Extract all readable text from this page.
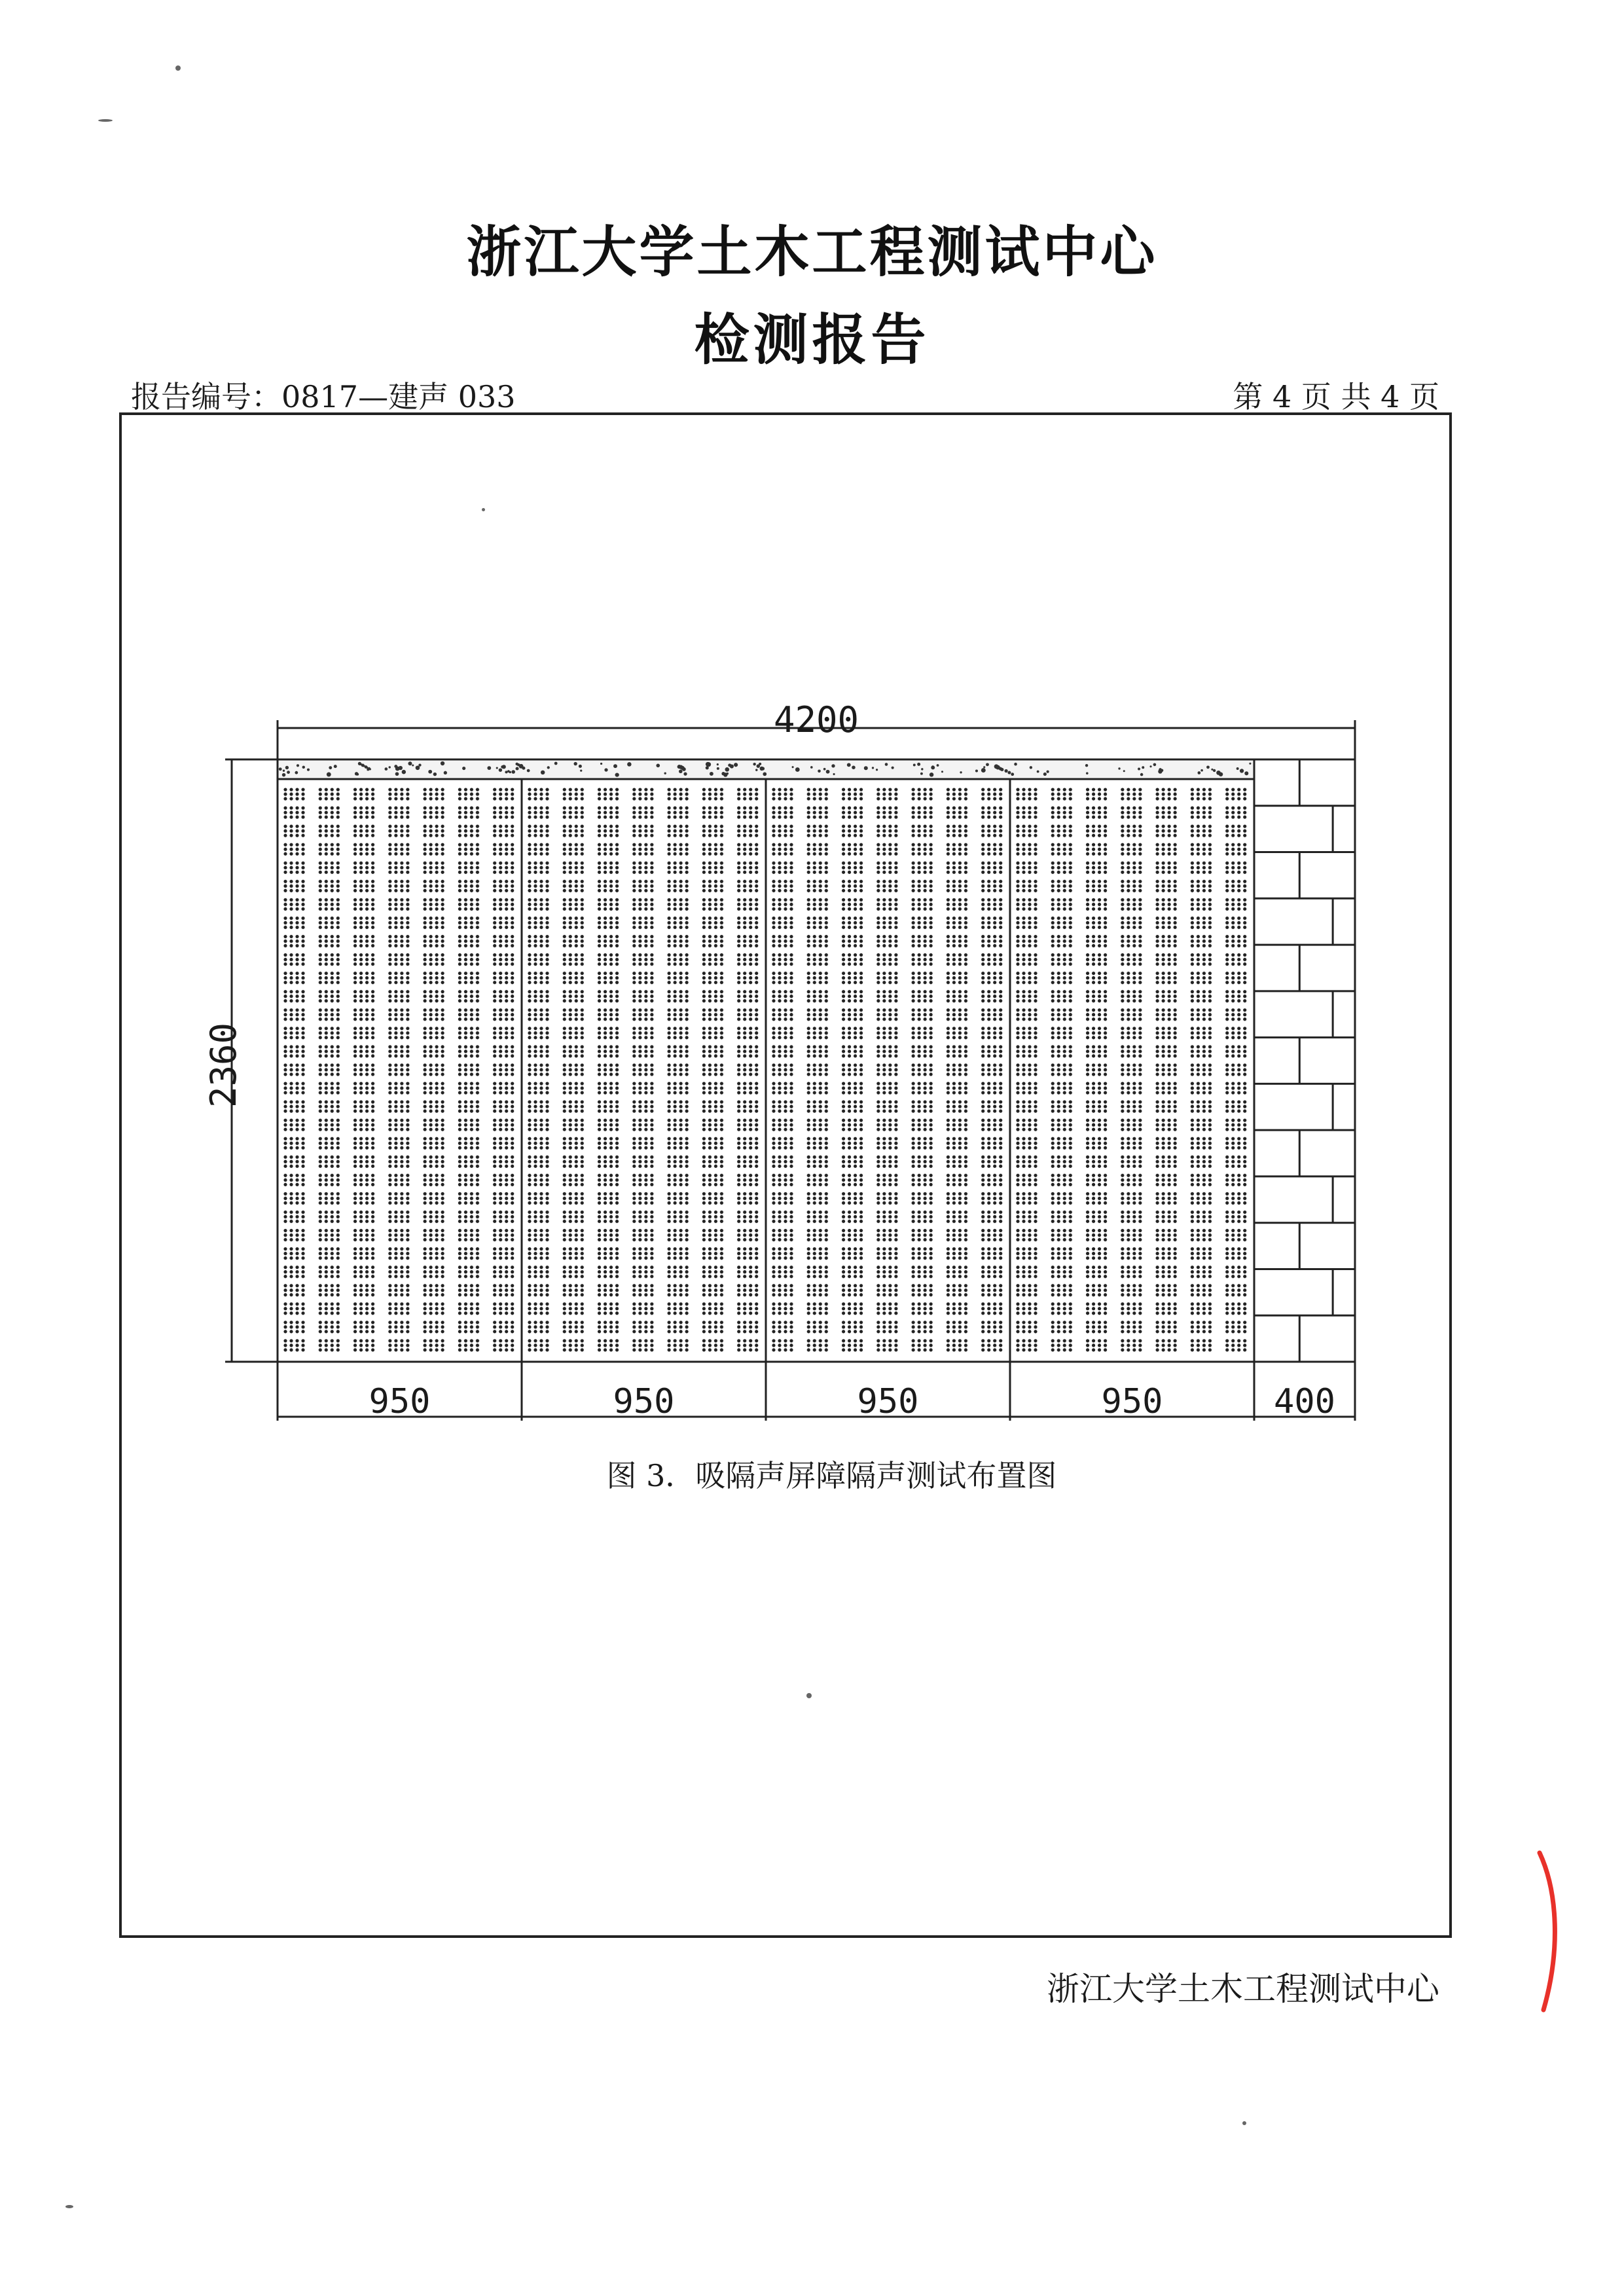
浙江大学土木工程测试中心
检测报告
报告编号：0817—建声 033	第 4 页 共 4 页
4200
2360
950	950	950	950	400
图 3．吸隔声屏障隔声测试布置图
浙江大学土木工程测试中心
